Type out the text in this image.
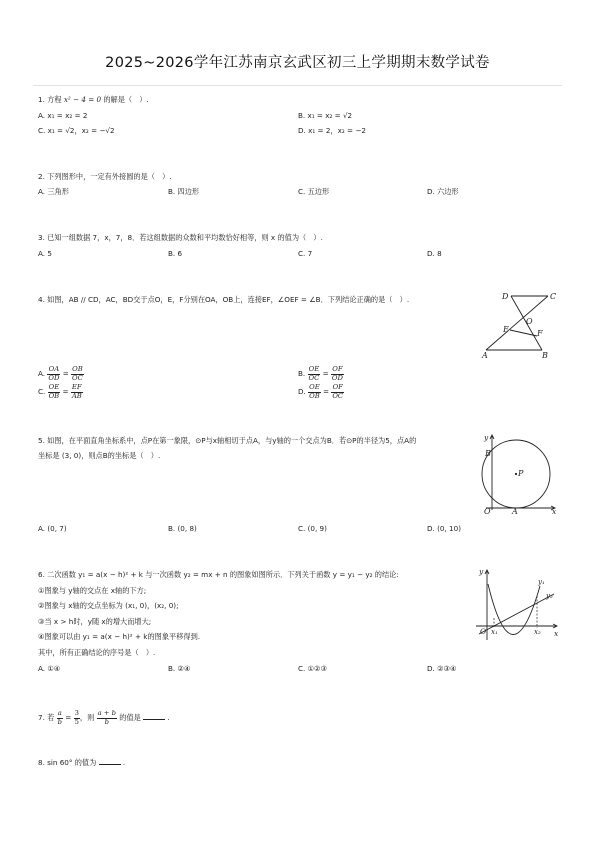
2025~2026学年江苏南京玄武区初三上学期期末数学试卷
1. 方程 x² − 4 = 0 的解是（　）.
A. x₁ = x₂ = 2	B. x₁ = x₂ = √2
C. x₁ = √2，x₂ = −√2	D. x₁ = 2，x₂ = −2
2. 下列图形中，一定有外接圆的是（　）.
A. 三角形	B. 四边形	C. 五边形	D. 六边形
3. 已知一组数据 7，x，7，8．若这组数据的众数和平均数恰好相等，则 x 的值为（　）.
A. 5	B. 6	C. 7	D. 8
4. 如图，AB // CD，AC，BD交于点O，E，F分别在OA，OB上，连接EF，∠OEF = ∠B．下列结论正确的是（　）.	D	C
O
E	F
A	B
A. $\frac{OA}{OD} = \frac{OB}{OC}$	B. $\frac{OE}{OC} = \frac{OF}{OD}$
C. $\frac{OE}{OB} = \frac{EF}{AB}$	D. $\frac{OE}{OB} = \frac{OF}{OC}$
5. 如图，在平面直角坐标系中，点P在第一象限，⊙P与x轴相切于点A，与y轴的一个交点为B．若⊙P的半径为5，点A的
坐标是 (3, 0)，则点B的坐标是（　）.
y
x
B
P
O	A
A. (0, 7)	B. (0, 8)	C. (0, 9)	D. (0, 10)
6. 二次函数 y₁ = a(x − h)² + k 与一次函数 y₂ = mx + n 的图象如图所示．下列关于函数 y = y₁ − y₂ 的结论:
①图象与 y轴的交点在 x轴的下方;
②图象与 x轴的交点坐标为 (x₁, 0)，(x₂, 0);
③当 x > h时，y随 x的增大而增大;
④图象可以由 y₁ = a(x − h)² + k的图象平移得到.
其中，所有正确结论的序号是（　）.
y
x
O x₁	x₂
y₁
y₂
A. ①④	B. ②④	C. ①②③	D. ②③④
7. 若 $\frac{a}{b} = \frac{3}{5}$ ，则 $\frac{a + b}{b}$ 的值是	.
8. sin 60° 的值为	.
